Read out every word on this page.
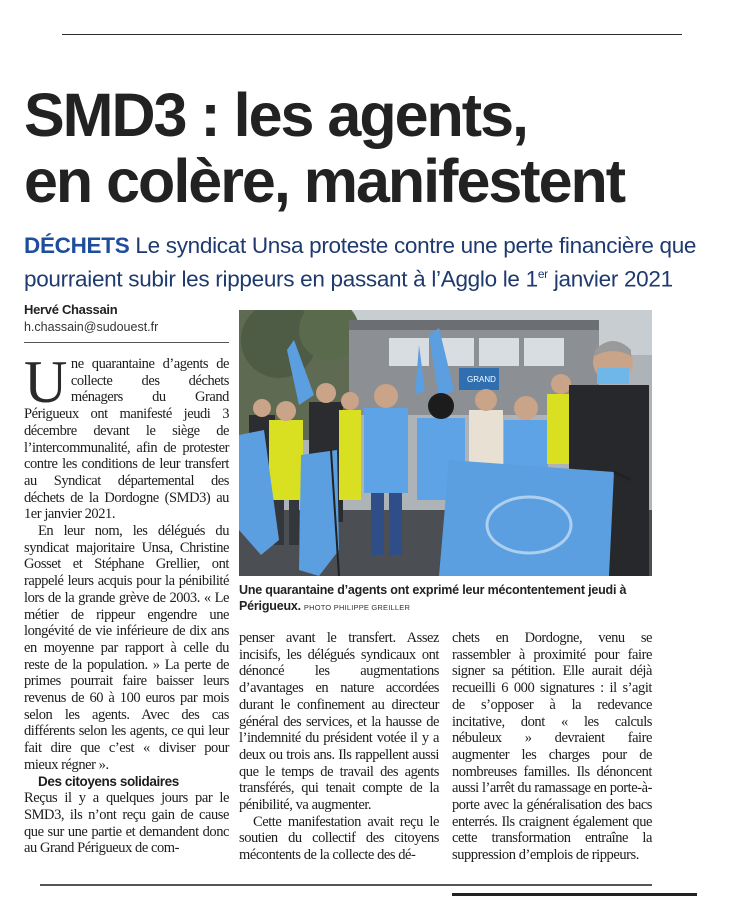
SMD3 : les agents,
en colère, manifestent

DÉCHETS Le syndicat Unsa proteste contre une perte financière que
pourraient subir les rippeurs en passant à l’Agglo le 1er janvier 2021

Hervé Chassain
h.chassain@sudouest.fr

Une quarantaine d’agents de collecte des déchets ménagers du Grand Périgueux ont manifesté jeudi 3 décembre devant le siège de l’intercommunalité, afin de protester contre les conditions de leur transfert au Syndicat départemental des déchets de la Dordogne (SMD3) au 1er janvier 2021.

En leur nom, les délégués du syndicat majoritaire Unsa, Christine Gosset et Stéphane Grellier, ont rappelé leurs acquis pour la pénibilité lors de la grande grève de 2003. « Le métier de rippeur engendre une longévité de vie inférieure de dix ans en moyenne par rapport à celle du reste de la population. » La perte de primes pourrait faire baisser leurs revenus de 60 à 100 euros par mois selon les agents. Avec des cas différents selon les agents, ce qui leur fait dire que c’est « diviser pour mieux régner ».

Des citoyens solidaires

Reçus il y a quelques jours par le SMD3, ils n’ont reçu gain de cause que sur une partie et demandent donc au Grand Périgueux de com-

GRAND
Une quarantaine d’agents ont exprimé leur mécontentement jeudi à Périgueux. PHOTO PHILIPPE GREILLER

penser avant le transfert. Assez incisifs, les délégués syndicaux ont dénoncé les augmentations d’avantages en nature accordées durant le confinement au directeur général des services, et la hausse de l’indemnité du président votée il y a deux ou trois ans. Ils rappellent aussi que le temps de travail des agents transférés, qui tenait compte de la pénibilité, va augmenter.

Cette manifestation avait reçu le soutien du collectif des citoyens mécontents de la collecte des dé-

chets en Dordogne, venu se rassembler à proximité pour faire signer sa pétition. Elle aurait déjà recueilli 6 000 signatures : il s’agit de s’opposer à la redevance incitative, dont « les calculs nébuleux » devraient faire augmenter les charges pour de nombreuses familles. Ils dénoncent aussi l’arrêt du ramassage en porte-à-porte avec la généralisation des bacs enterrés. Ils craignent également que cette transformation entraîne la suppression d’emplois de rippeurs.
